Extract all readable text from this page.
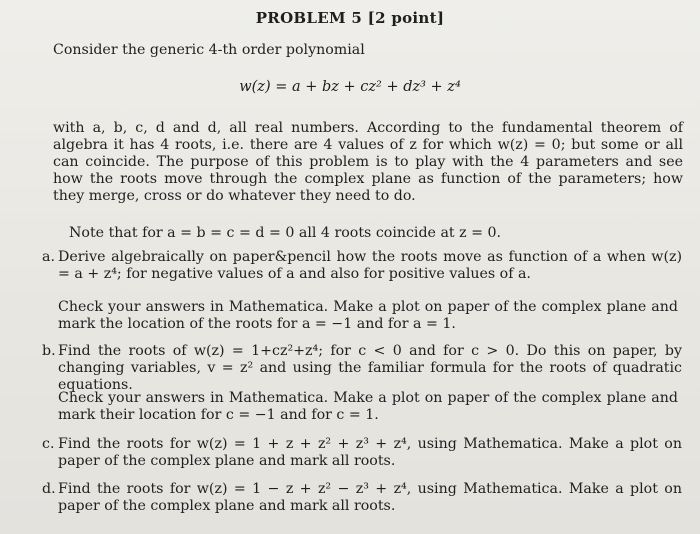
PROBLEM 5 [2 point]
Consider the generic 4-th order polynomial
w(z) = a + bz + cz² + dz³ + z⁴
with a, b, c, d and d, all real numbers. According to the fundamental theorem of algebra it has 4 roots, i.e. there are 4 values of z for which w(z) = 0; but some or all can coincide. The purpose of this problem is to play with the 4 parameters and see how the roots move through the complex plane as function of the parameters; how they merge, cross or do whatever they need to do.
Note that for a = b = c = d = 0 all 4 roots coincide at z = 0.
a. Derive algebraically on paper&pencil how the roots move as function of a when w(z) = a + z⁴; for negative values of a and also for positive values of a.
Check your answers in Mathematica. Make a plot on paper of the complex plane and mark the location of the roots for a = −1 and for a = 1.
b. Find the roots of w(z) = 1+cz²+z⁴; for c < 0 and for c > 0. Do this on paper, by changing variables, v = z² and using the familiar formula for the roots of quadratic equations.
Check your answers in Mathematica. Make a plot on paper of the complex plane and mark their location for c = −1 and for c = 1.
c. Find the roots for w(z) = 1 + z + z² + z³ + z⁴, using Mathematica. Make a plot on paper of the complex plane and mark all roots.
d. Find the roots for w(z) = 1 − z + z² − z³ + z⁴, using Mathematica. Make a plot on paper of the complex plane and mark all roots.
